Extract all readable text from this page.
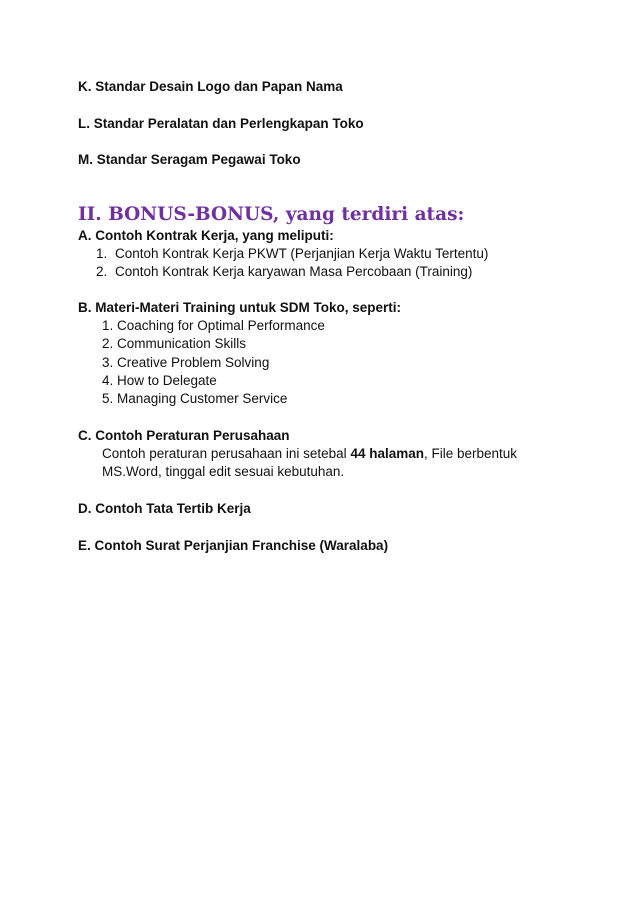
K. Standar Desain Logo dan Papan Nama
L. Standar Peralatan dan Perlengkapan Toko
M. Standar Seragam Pegawai Toko
II. BONUS-BONUS, yang terdiri atas:
A. Contoh Kontrak Kerja, yang meliputi:
1. Contoh Kontrak Kerja PKWT (Perjanjian Kerja Waktu Tertentu)
2. Contoh Kontrak Kerja karyawan Masa Percobaan (Training)
B. Materi-Materi Training untuk SDM Toko, seperti:
1. Coaching for Optimal Performance
2. Communication Skills
3. Creative Problem Solving
4. How to Delegate
5. Managing Customer Service
C. Contoh Peraturan Perusahaan
Contoh peraturan perusahaan ini setebal 44 halaman, File berbentuk
MS.Word, tinggal edit sesuai kebutuhan.
D. Contoh Tata Tertib Kerja
E. Contoh Surat Perjanjian Franchise (Waralaba)
